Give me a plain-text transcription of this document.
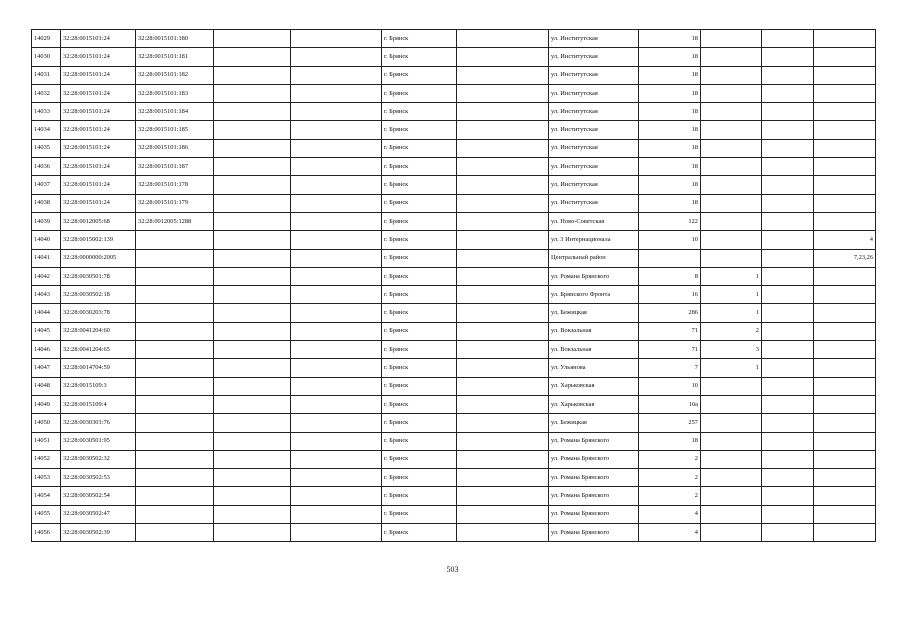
14029	32:28:0015101:24	32:28:0015101:180			г. Брянск		ул. Институтская	18			
14030	32:28:0015101:24	32:28:0015101:181			г. Брянск		ул. Институтская	18			
14031	32:28:0015101:24	32:28:0015101:182			г. Брянск		ул. Институтская	18			
14032	32:28:0015101:24	32:28:0015101:183			г. Брянск		ул. Институтская	18			
14033	32:28:0015101:24	32:28:0015101:184			г. Брянск		ул. Институтская	18			
14034	32:28:0015101:24	32:28:0015101:185			г. Брянск		ул. Институтская	18			
14035	32:28:0015101:24	32:28:0015101:186			г. Брянск		ул. Институтская	18			
14036	32:28:0015101:24	32:28:0015101:187			г. Брянск		ул. Институтская	18			
14037	32:28:0015101:24	32:28:0015101:178			г. Брянск		ул. Институтская	18			
14038	32:28:0015101:24	32:28:0015101:179			г. Брянск		ул. Институтская	18			
14039	32:28:0012005:68	32:28:0012005:1288			г. Брянск		ул. Ново-Советская	122			
14040	32:28:0015002:139				г. Брянск		ул. 3 Интернационала	10			4
14041	32:28:0000000:2005				г. Брянск		Центральный район				7,23,26
14042	32:28:0030501:78				г. Брянск		ул. Романа Брянского	8	1		
14043	32:28:0030502:18				г. Брянск		ул. Брянского Фронта	16	1		
14044	32:28:0030203:78				г. Брянск		ул. Бежицкая	286	1		
14045	32:28:0041204:60				г. Брянск		ул. Вокзальная	71	2		
14046	32:28:0041204:65				г. Брянск		ул. Вокзальная	71	3		
14047	32:28:0014704:59				г. Брянск		ул. Ульянова	7	1		
14048	32:28:0015109:3				г. Брянск		ул. Харьковская	10			
14049	32:28:0015109:4				г. Брянск		ул. Харьковская	10а			
14050	32:28:0030301:76				г. Брянск		ул. Бежицкая	257			
14051	32:28:0030501:95				г. Брянск		ул. Романа Брянского	18			
14052	32:28:0030502:32				г. Брянск		ул. Романа Брянского	2			
14053	32:28:0030502:53				г. Брянск		ул. Романа Брянского	2			
14054	32:28:0030502:54				г. Брянск		ул. Романа Брянского	2			
14055	32:28:0030502:47				г. Брянск		ул. Романа Брянского	4			
14056	32:28:0030502:39				г. Брянск		ул. Романа Брянского	4			
503
